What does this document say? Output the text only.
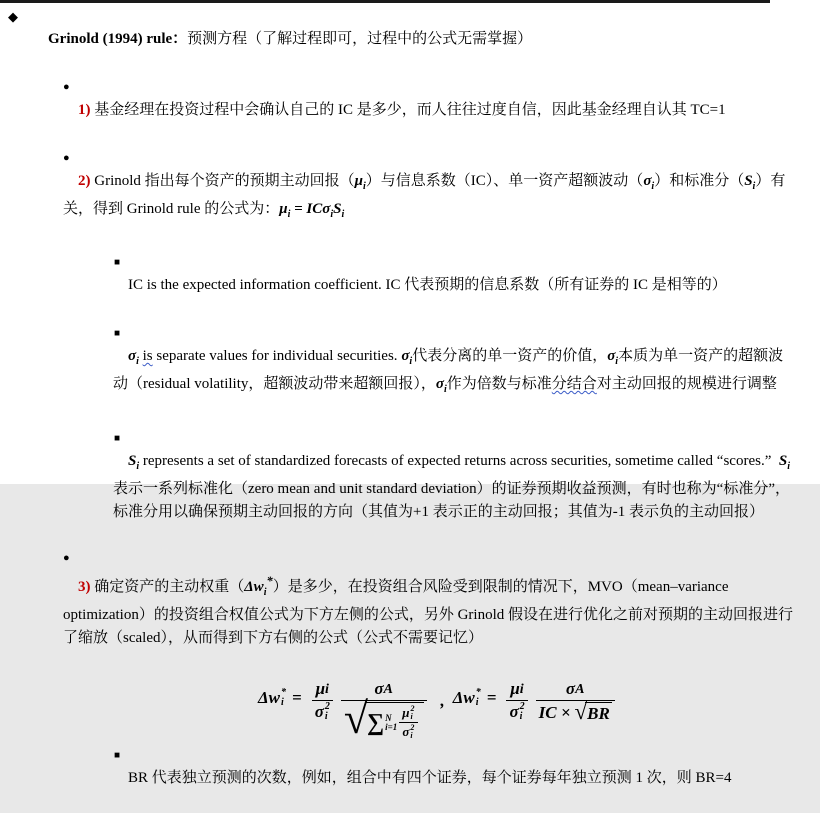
◆
Grinold (1994) rule：预测方程（了解过程即可，过程中的公式无需掌握）

●
1) 基金经理在投资过程中会确认自己的 IC 是多少，而人往往过度自信，因此基金经理自认其 TC=1

●
2) Grinold 指出每个资产的预期主动回报$(\mu_i)$与信息系数（IC）、单一资产超额波动$(\sigma_i)$和标准分$(S_i)$有关，得到 Grinold rule 的公式为：$\mu_i = IC\sigma_iS_i$

■
IC is the expected information coefficient. IC 代表预期的信息系数（所有证券的 IC 是相等的）

■
$\sigma_i$ is separate values for individual securities. $\sigma_i$代表分离的单一资产的价值，$\sigma_i$本质为单一资产的超额波动（residual volatility，超额波动带来超额回报），$\sigma_i$作为倍数与标准分结合对主动回报的规模进行调整

■
$S_i$ represents a set of standardized forecasts of expected returns across securities, sometime called “scores.”  $S_i$表示一系列标准化（zero mean and unit standard deviation）的证券预期收益预测，有时也称为“标准分”，标准分用以确保预期主动回报的方向（其值为+1 表示正的主动回报；其值为-1 表示负的主动回报）

●
3) 确定资产的主动权重$(\Delta w_i^*)$是多少，在投资组合风险受到限制的情况下，MVO（mean–variance optimization）的投资组合权值公式为下方左侧的公式，另外 Grinold 假设在进行优化之前对预期的主动回报进行了缩放（scaled），从而得到下方右侧的公式（公式不需要记忆）

Δw *
i = μ i
σ 2
i σ A
√ ∑ N
i=1 μ 2
i
σ 2
i
, Δw *
i = μ i
σ 2
i $\frac{\text{σ A}}{IC \times √ BR}$

■
BR 代表独立预测的次数，例如，组合中有四个证券，每个证券每年独立预测 1 次，则 BR=4
